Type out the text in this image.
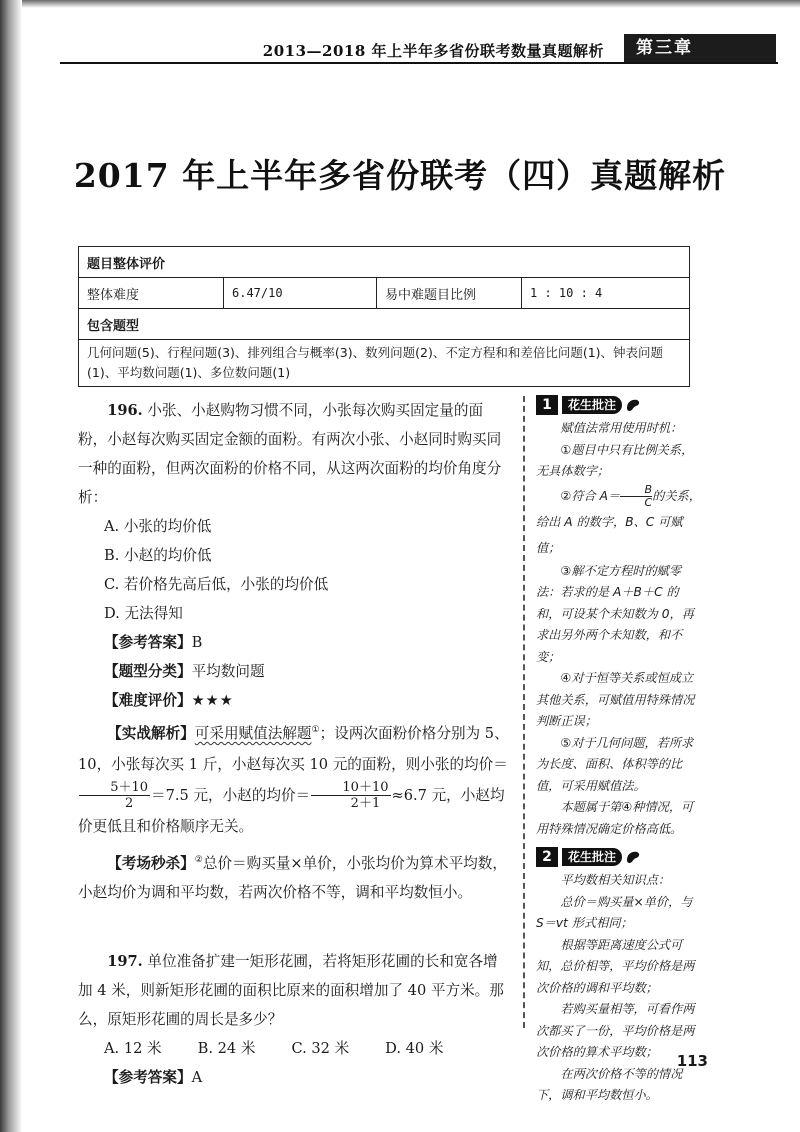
2013—2018 年上半年多省份联考数量真题解析	第三章
2017 年上半年多省份联考（四）真题解析
题目整体评价
整体难度	6.47/10	易中难题目比例	1 : 10 : 4
包含题型
几何问题(5)、行程问题(3)、排列组合与概率(3)、数列问题(2)、不定方程和和差倍比问题(1)、钟表问题(1)、平均数问题(1)、多位数问题(1)

196. 小张、小赵购物习惯不同，小张每次购买固定量的面粉，小赵每次购买固定金额的面粉。有两次小张、小赵同时购买同一种的面粉，但两次面粉的价格不同，从这两次面粉的均价角度分析：

A. 小张的均价低

B. 小赵的均价低

C. 若价格先高后低，小张的均价低

D. 无法得知

【参考答案】B

【题型分类】平均数问题

【难度评价】★★★

【实战解析】可采用赋值法解题①；设两次面粉价格分别为 5、10，小张每次买 1 斤，小赵每次买 10 元的面粉，则小张的均价＝
$\frac{5+10}{2} =7.5$ 元，小赵的均价＝ $\frac{10+10}{2+1} \approx 6.7$ 元，小赵均价更低且和价格顺序无关。

【考场秒杀】②总价＝购买量×单价，小张均价为算术平均数，小赵均价为调和平均数，若两次价格不等，调和平均数恒小。

197. 单位准备扩建一矩形花圃，若将矩形花圃的长和宽各增加 4 米，则新矩形花圃的面积比原来的面积增加了 40 平方米。那么，原矩形花圃的周长是多少？

A. 12 米 B. 24 米 C. 32 米 D. 40 米

【参考答案】A

1	花生批注

赋值法常用使用时机：

①题目中只有比例关系，无具体数字；

②符合 $A= \frac{B}{C}$ 的关系，给出 A 的数字，B、C 可赋值；

③解不定方程时的赋零法：若求的是 A＋B＋C 的和，可设某个未知数为 0，再求出另外两个未知数，和不变；

④对于恒等关系或恒成立其他关系，可赋值用特殊情况判断正误；

⑤对于几何问题，若所求为长度、面积、体积等的比值，可采用赋值法。

本题属于第④种情况，可用特殊情况确定价格高低。

2	花生批注

平均数相关知识点：

总价＝购买量×单价，与 S＝vt 形式相同；

根据等距离速度公式可知，总价相等，平均价格是两次价格的调和平均数；

若购买量相等，可看作两次都买了一份，平均价格是两次价格的算术平均数；

在两次价格不等的情况下，调和平均数恒小。

113
